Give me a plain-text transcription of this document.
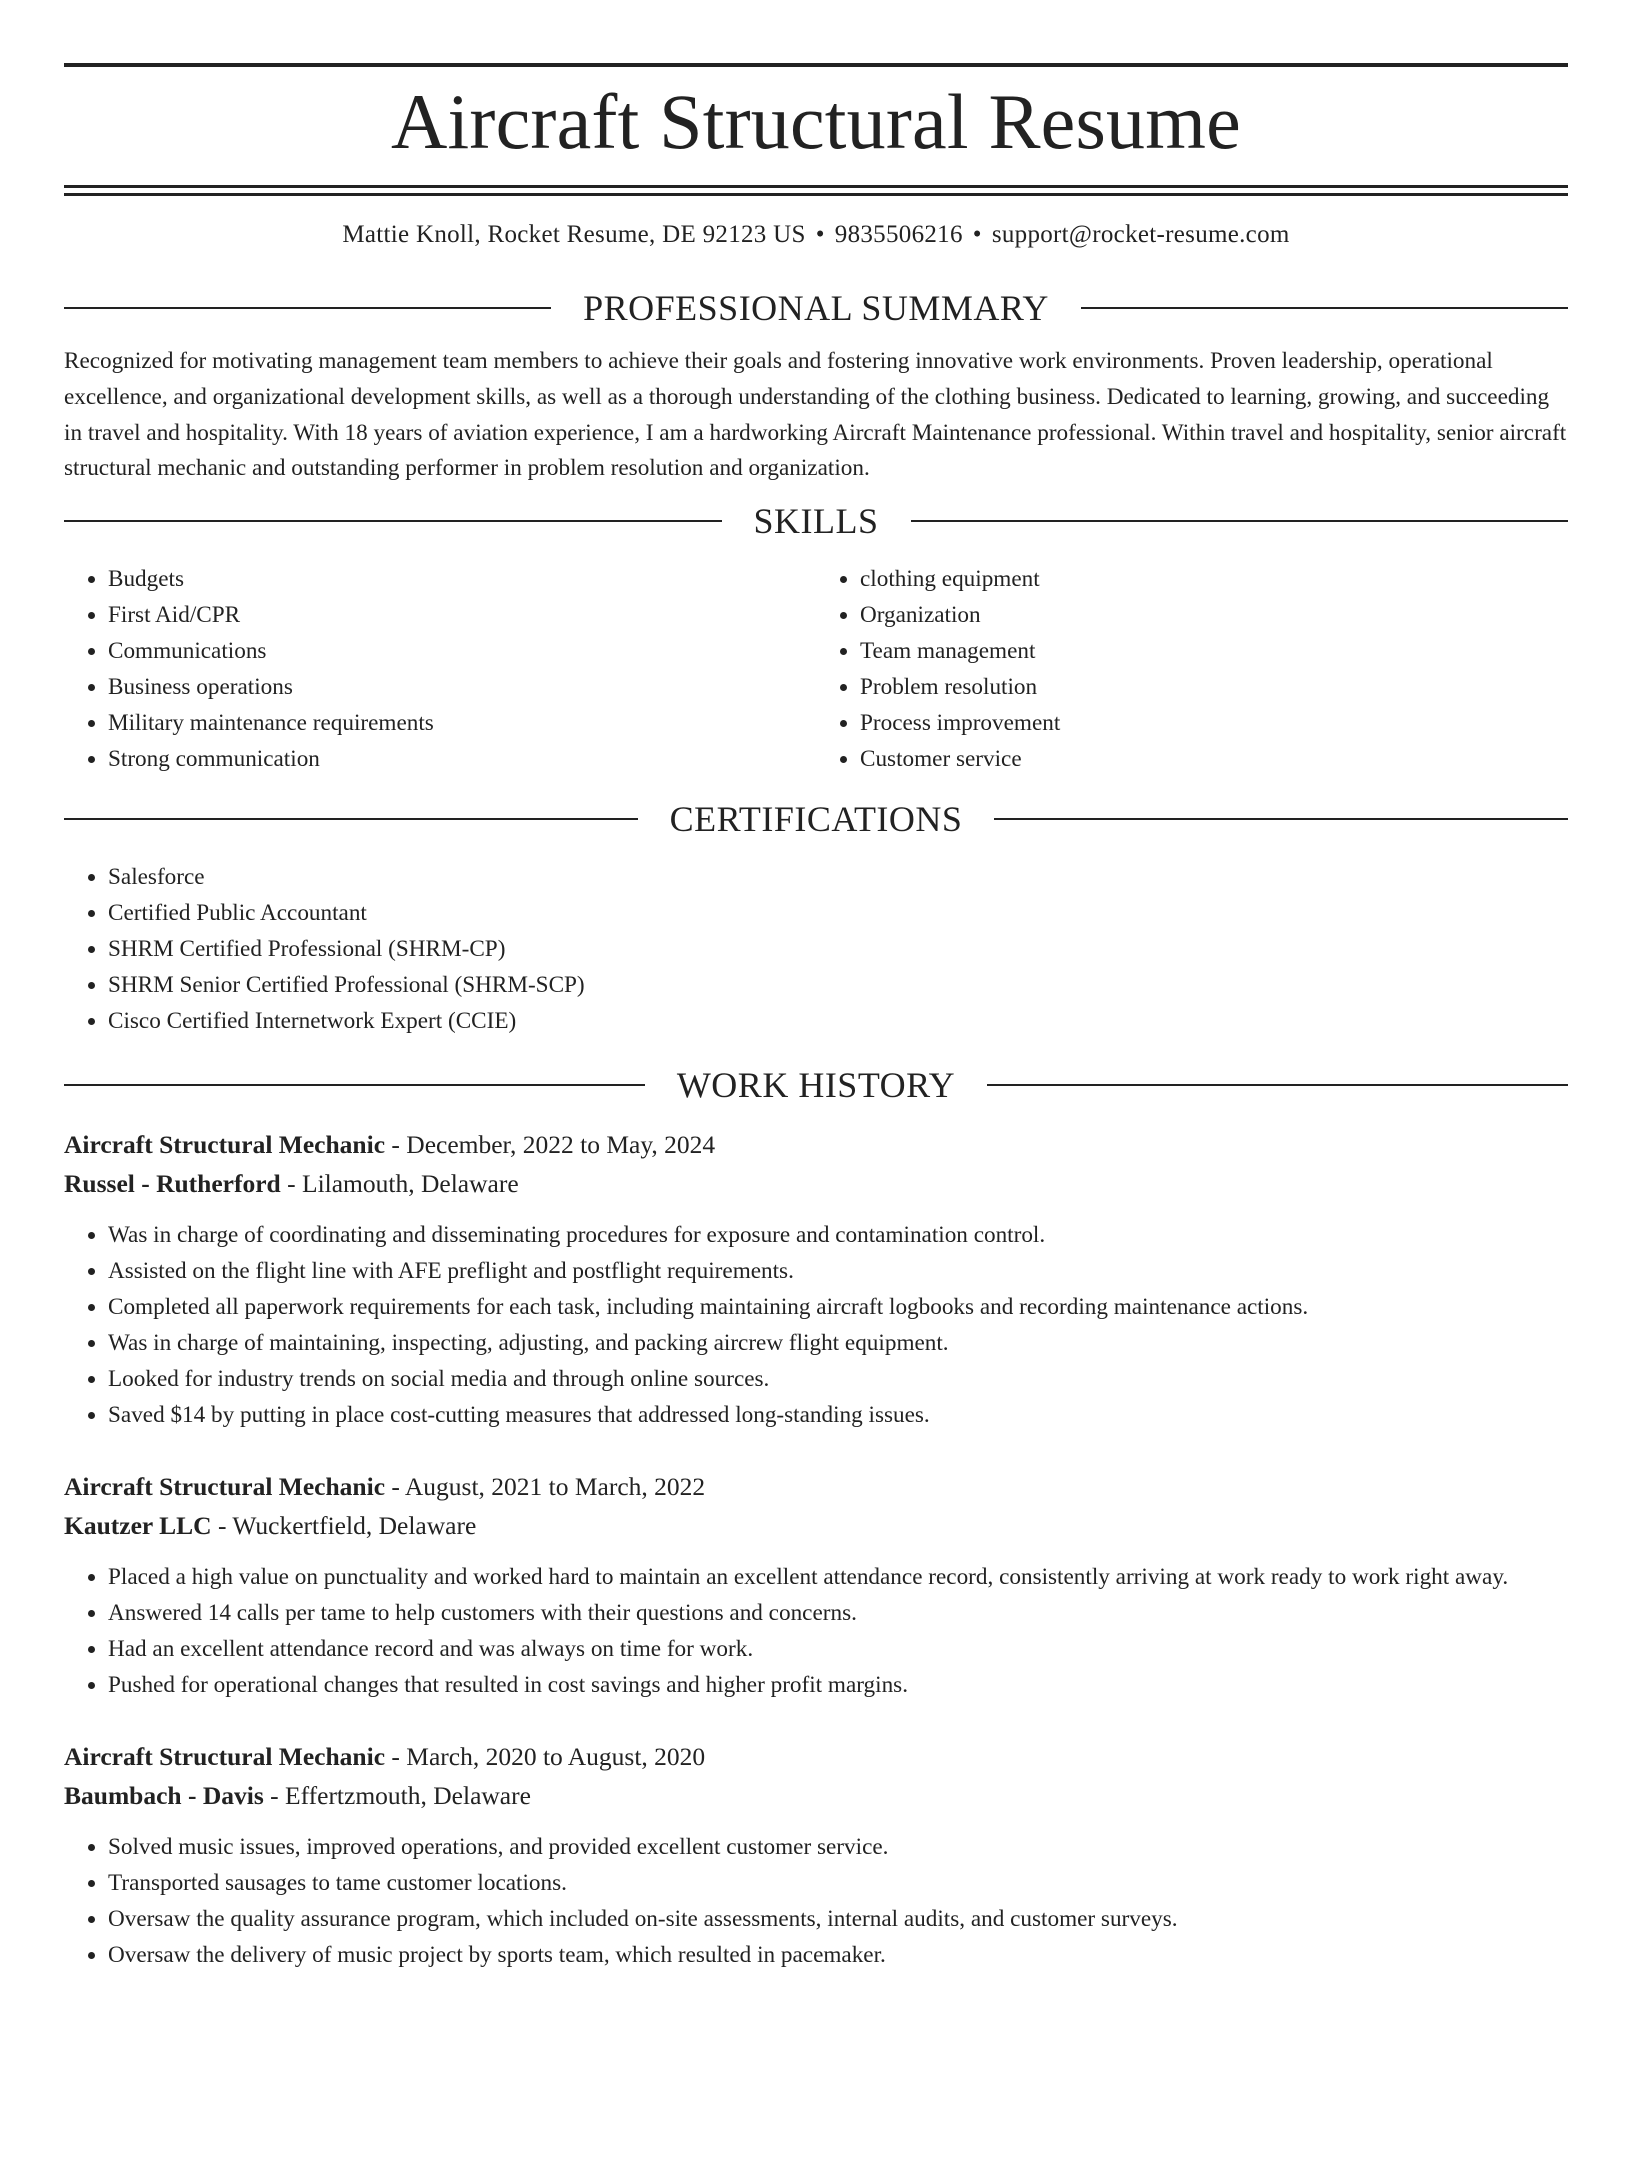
Aircraft Structural Resume
Mattie Knoll, Rocket Resume, DE 92123 US • 9835506216 • support@rocket-resume.com
PROFESSIONAL SUMMARY
Recognized for motivating management team members to achieve their goals and fostering innovative work environments. Proven leadership, operational excellence, and organizational development skills, as well as a thorough understanding of the clothing business. Dedicated to learning, growing, and succeeding in travel and hospitality. With 18 years of aviation experience, I am a hardworking Aircraft Maintenance professional. Within travel and hospitality, senior aircraft structural mechanic and outstanding performer in problem resolution and organization.
SKILLS
• Budgets
• First Aid/CPR
• Communications
• Business operations
• Military maintenance requirements
• Strong communication
• clothing equipment
• Organization
• Team management
• Problem resolution
• Process improvement
• Customer service
CERTIFICATIONS
• Salesforce
• Certified Public Accountant
• SHRM Certified Professional (SHRM-CP)
• SHRM Senior Certified Professional (SHRM-SCP)
• Cisco Certified Internetwork Expert (CCIE)
WORK HISTORY
Aircraft Structural Mechanic - December, 2022 to May, 2024
Russel - Rutherford - Lilamouth, Delaware
• Was in charge of coordinating and disseminating procedures for exposure and contamination control.
• Assisted on the flight line with AFE preflight and postflight requirements.
• Completed all paperwork requirements for each task, including maintaining aircraft logbooks and recording maintenance actions.
• Was in charge of maintaining, inspecting, adjusting, and packing aircrew flight equipment.
• Looked for industry trends on social media and through online sources.
• Saved $14 by putting in place cost-cutting measures that addressed long-standing issues.
Aircraft Structural Mechanic - August, 2021 to March, 2022
Kautzer LLC - Wuckertfield, Delaware
• Placed a high value on punctuality and worked hard to maintain an excellent attendance record, consistently arriving at work ready to work right away.
• Answered 14 calls per tame to help customers with their questions and concerns.
• Had an excellent attendance record and was always on time for work.
• Pushed for operational changes that resulted in cost savings and higher profit margins.
Aircraft Structural Mechanic - March, 2020 to August, 2020
Baumbach - Davis - Effertzmouth, Delaware
• Solved music issues, improved operations, and provided excellent customer service.
• Transported sausages to tame customer locations.
• Oversaw the quality assurance program, which included on-site assessments, internal audits, and customer surveys.
• Oversaw the delivery of music project by sports team, which resulted in pacemaker.
